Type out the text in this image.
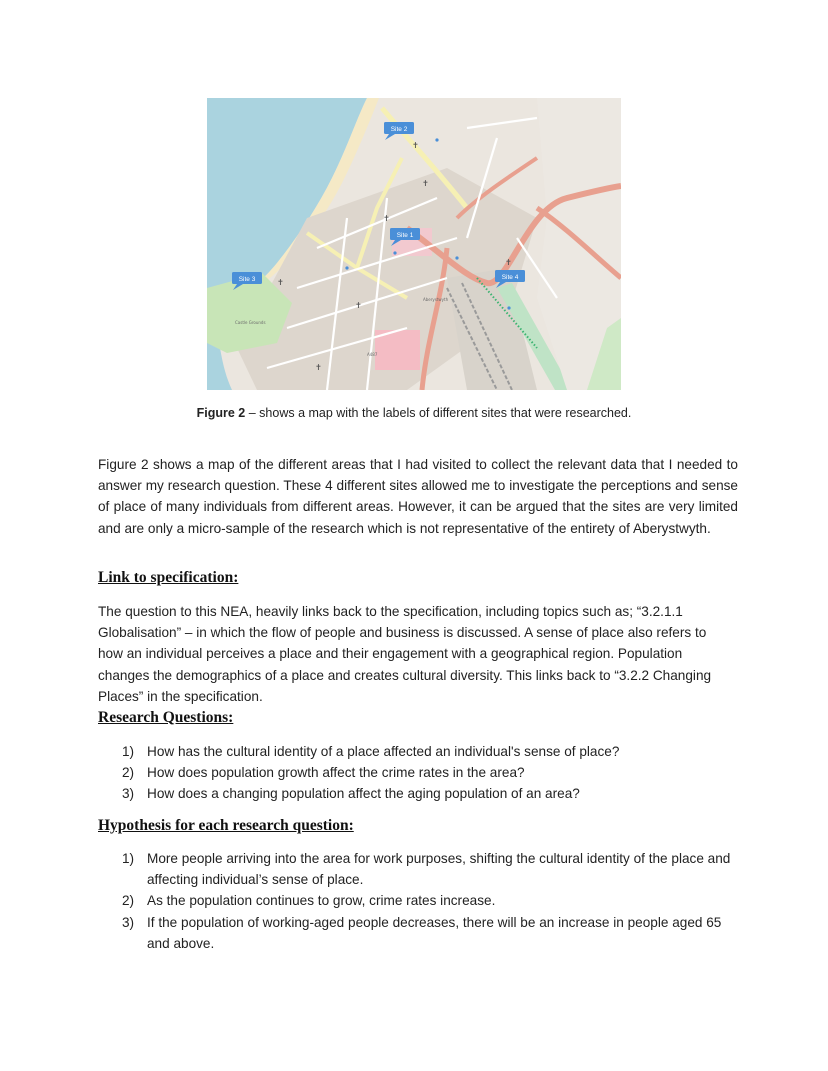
Aberystwyth
A487
Castle Grounds
✝
✝
✝
✝
✝
✝
✝
Site 2
Site 1
Site 3	Site 4
Figure 2 – shows a map with the labels of different sites that were researched.

Figure 2 shows a map of the different areas that I had visited to collect the relevant data that I needed to answer my research question. These 4 different sites allowed me to investigate the perceptions and sense of place of many individuals from different areas. However, it can be argued that the sites are very limited and are only a micro-sample of the research which is not representative of the entirety of Aberystwyth.

Link to specification:

The question to this NEA, heavily links back to the specification, including topics such as; “3.2.1.1 Globalisation” – in which the flow of people and business is discussed. A sense of place also refers to how an individual perceives a place and their engagement with a geographical region. Population changes the demographics of a place and creates cultural diversity. This links back to “3.2.2 Changing Places” in the specification.

Research Questions:
1) How has the cultural identity of a place affected an individual's sense of place?
2) How does population growth affect the crime rates in the area?
3) How does a changing population affect the aging population of an area?
Hypothesis for each research question:
1) More people arriving into the area for work purposes, shifting the cultural identity of the place and affecting individual’s sense of place.
2) As the population continues to grow, crime rates increase.
3) If the population of working-aged people decreases, there will be an increase in people aged 65 and above.
